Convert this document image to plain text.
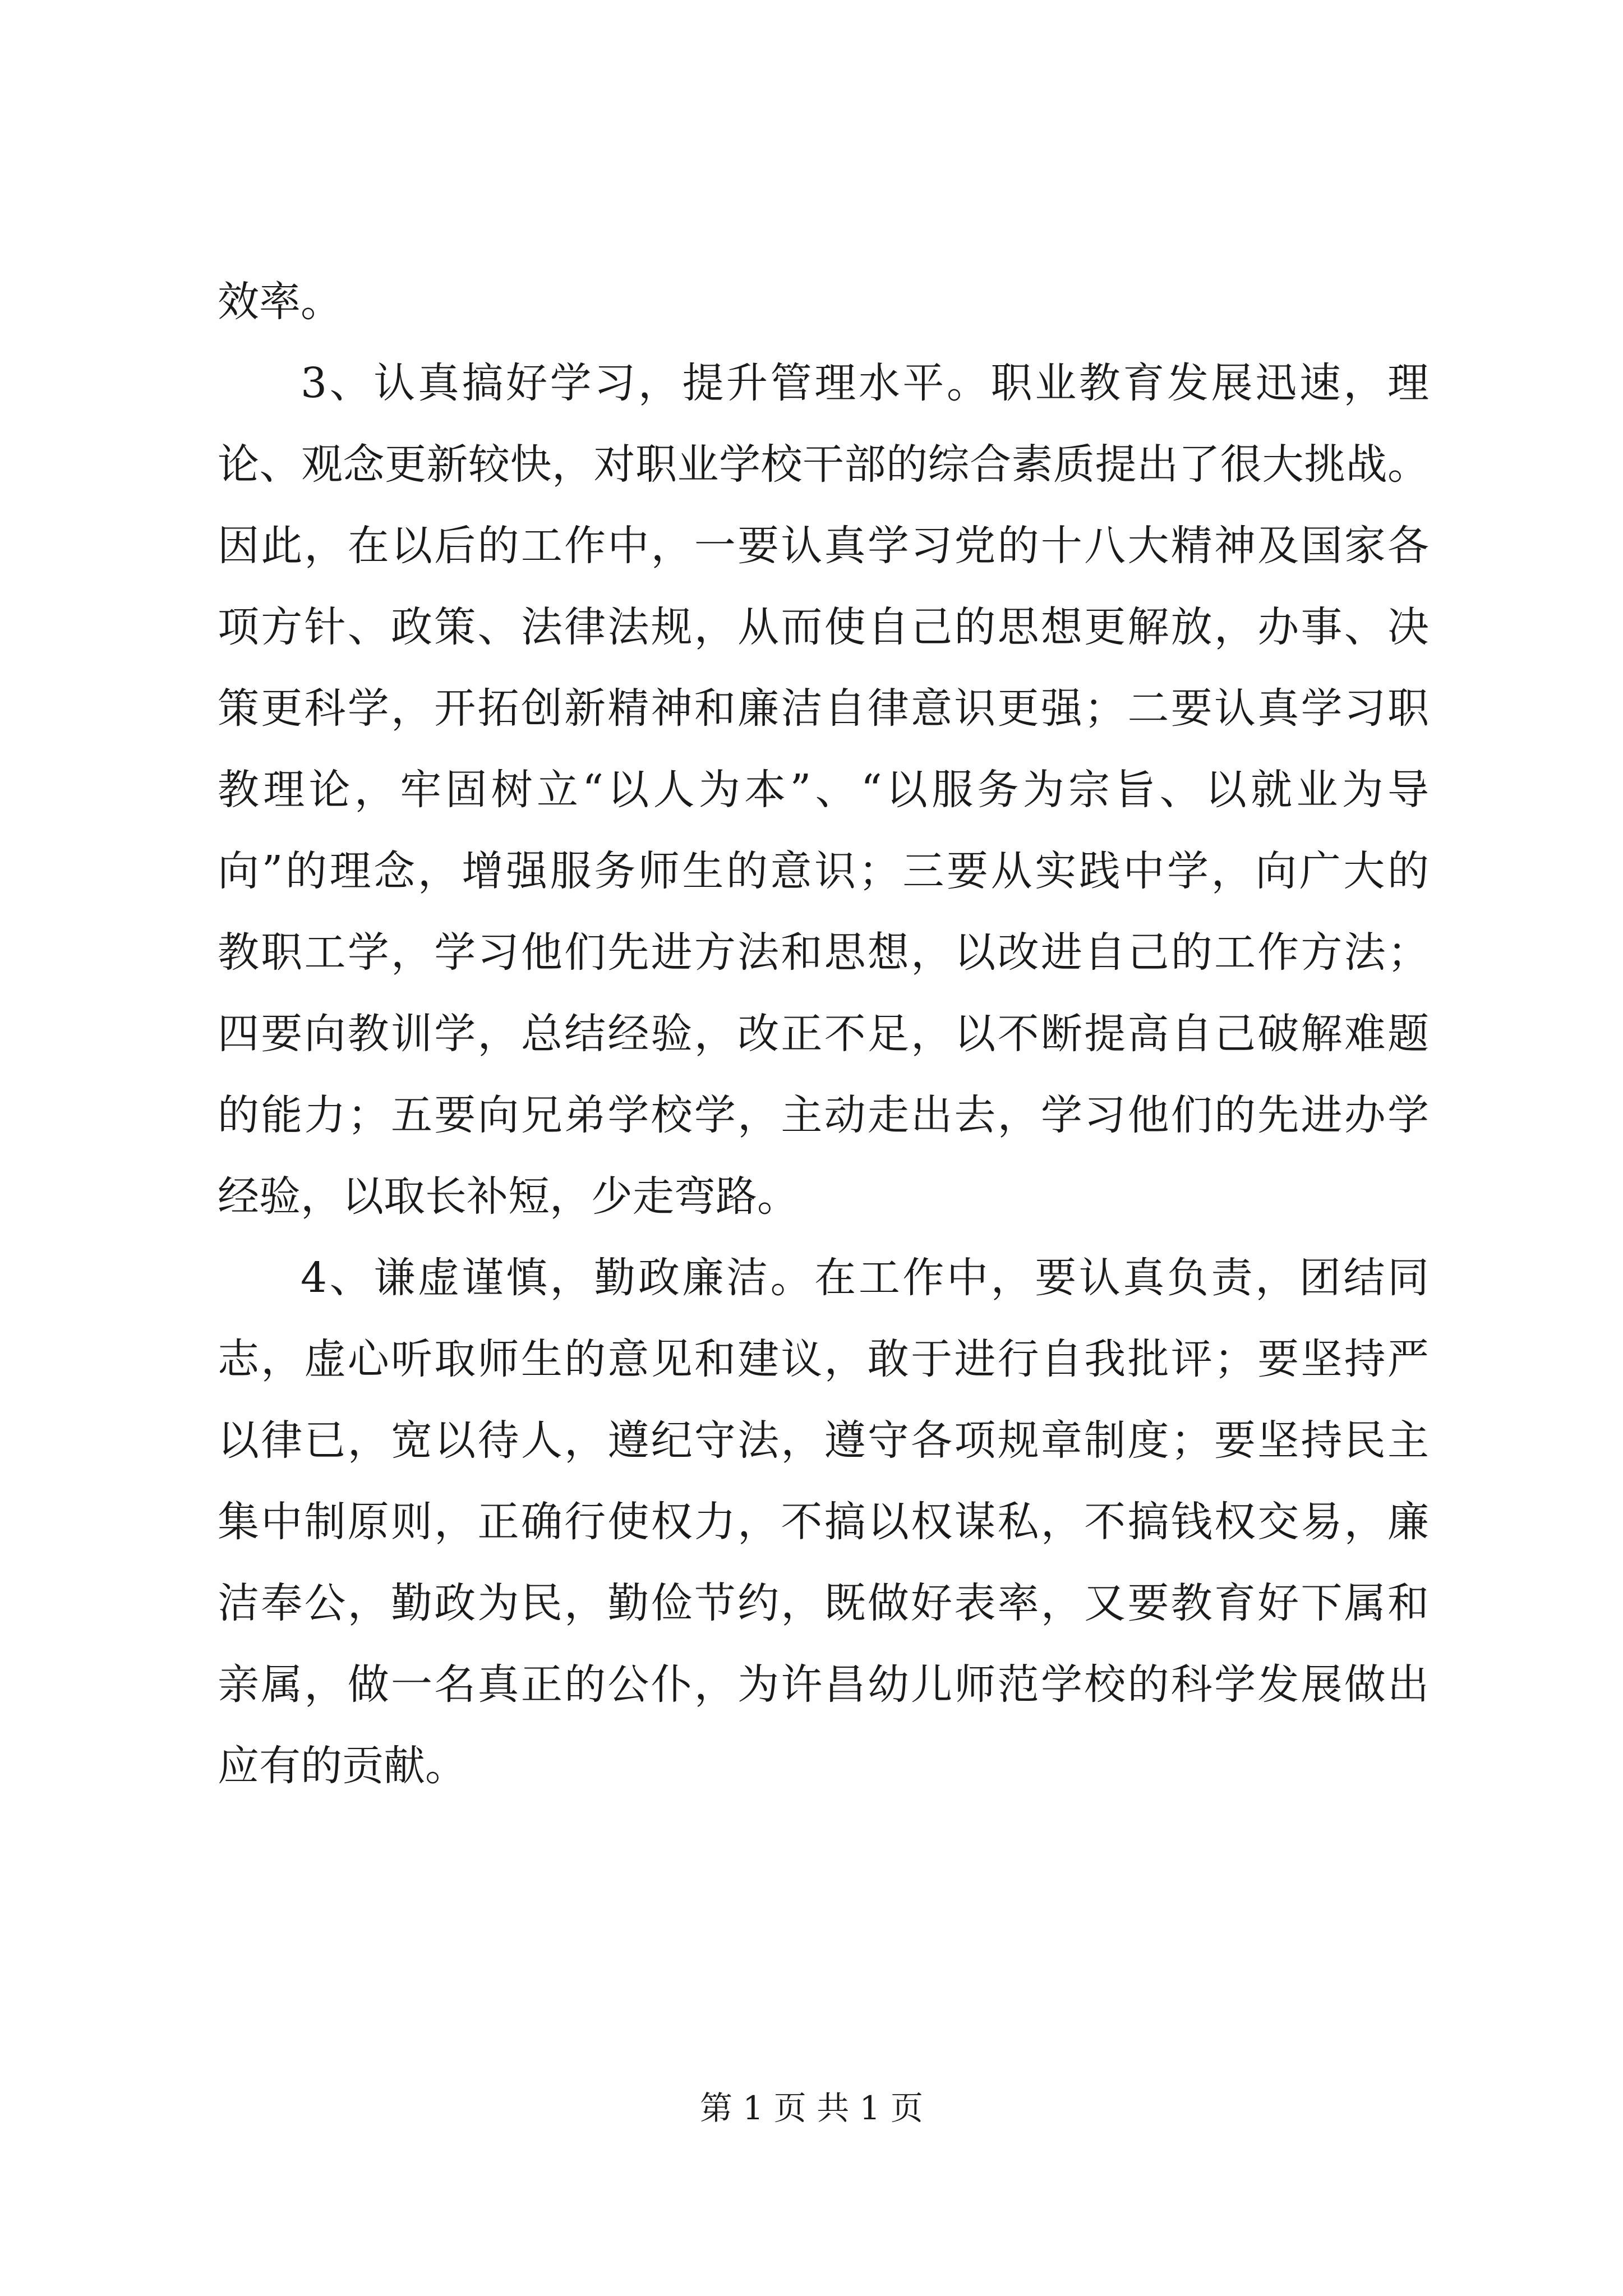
效率。
3、认真搞好学习，提升管理水平。职业教育发展迅速，理
论、观念更新较快，对职业学校干部的综合素质提出了很大挑战。
因此，在以后的工作中，一要认真学习党的十八大精神及国家各
项方针、政策、法律法规，从而使自己的思想更解放，办事、决
策更科学，开拓创新精神和廉洁自律意识更强；二要认真学习职
教理论，牢固树立“以人为本”、“以服务为宗旨、以就业为导
向”的理念，增强服务师生的意识；三要从实践中学，向广大的
教职工学，学习他们先进方法和思想，以改进自己的工作方法；
四要向教训学，总结经验，改正不足，以不断提高自己破解难题
的能力；五要向兄弟学校学，主动走出去，学习他们的先进办学
经验，以取长补短，少走弯路。
4、谦虚谨慎，勤政廉洁。在工作中，要认真负责，团结同
志，虚心听取师生的意见和建议，敢于进行自我批评；要坚持严
以律已，宽以待人，遵纪守法，遵守各项规章制度；要坚持民主
集中制原则，正确行使权力，不搞以权谋私，不搞钱权交易，廉
洁奉公，勤政为民，勤俭节约，既做好表率，又要教育好下属和
亲属，做一名真正的公仆，为许昌幼儿师范学校的科学发展做出
应有的贡献。
第 1 页 共 1 页
